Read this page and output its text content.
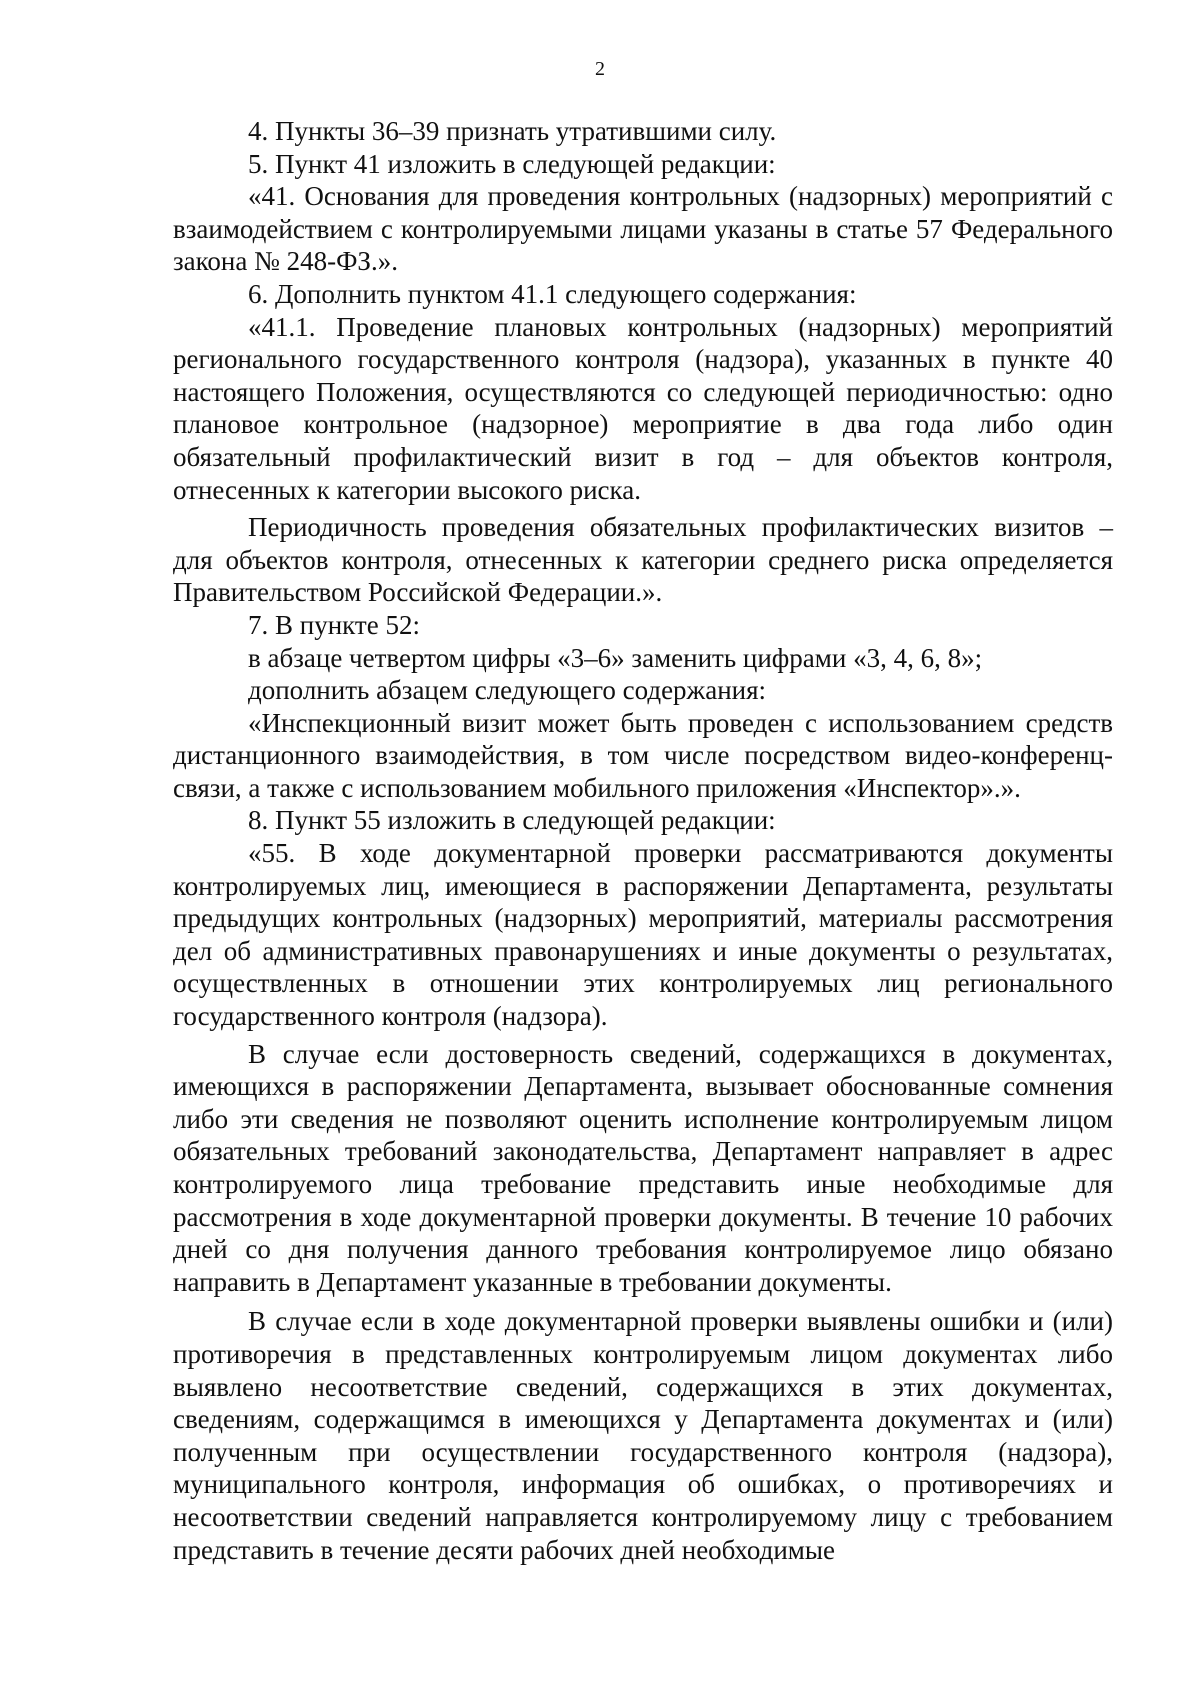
2

4. Пункты 36–39 признать утратившими силу.

5. Пункт 41 изложить в следующей редакции:

«41. Основания для проведения контрольных (надзорных) мероприятий с взаимодействием с контролируемыми лицами указаны в статье 57 Федерального закона № 248-ФЗ.».

6. Дополнить пунктом 41.1 следующего содержания:

«41.1. Проведение плановых контрольных (надзорных) мероприятий регионального государственного контроля (надзора), указанных в пункте 40 настоящего Положения, осуществляются со следующей периодичностью: одно плановое контрольное (надзорное) мероприятие в два года либо один обязательный профилактический визит в год – для объектов контроля, отнесенных к категории высокого риска.

Периодичность проведения обязательных профилактических визитов – для объектов контроля, отнесенных к категории среднего риска определяется Правительством Российской Федерации.».

7. В пункте 52:

в абзаце четвертом цифры «3–6» заменить цифрами «3, 4, 6, 8»;

дополнить абзацем следующего содержания:

«Инспекционный визит может быть проведен с использованием средств дистанционного взаимодействия, в том числе посредством видео-конференц-связи, а также с использованием мобильного приложения «Инспектор».».

8. Пункт 55 изложить в следующей редакции:

«55. В ходе документарной проверки рассматриваются документы контролируемых лиц, имеющиеся в распоряжении Департамента, результаты предыдущих контрольных (надзорных) мероприятий, материалы рассмотрения дел об административных правонарушениях и иные документы о результатах, осуществленных в отношении этих контролируемых лиц регионального государственного контроля (надзора).

В случае если достоверность сведений, содержащихся в документах, имеющихся в распоряжении Департамента, вызывает обоснованные сомнения либо эти сведения не позволяют оценить исполнение контролируемым лицом обязательных требований законодательства, Департамент направляет в адрес контролируемого лица требование представить иные необходимые для рассмотрения в ходе документарной проверки документы. В течение 10 рабочих дней со дня получения данного требования контролируемое лицо обязано направить в Департамент указанные в требовании документы.

В случае если в ходе документарной проверки выявлены ошибки и (или) противоречия в представленных контролируемым лицом документах либо выявлено несоответствие сведений, содержащихся в этих документах, сведениям, содержащимся в имеющихся у Департамента документах и (или) полученным при осуществлении государственного контроля (надзора), муниципального контроля, информация об ошибках, о противоречиях и несоответствии сведений направляется контролируемому лицу с требованием представить в течение десяти рабочих дней необходимые
